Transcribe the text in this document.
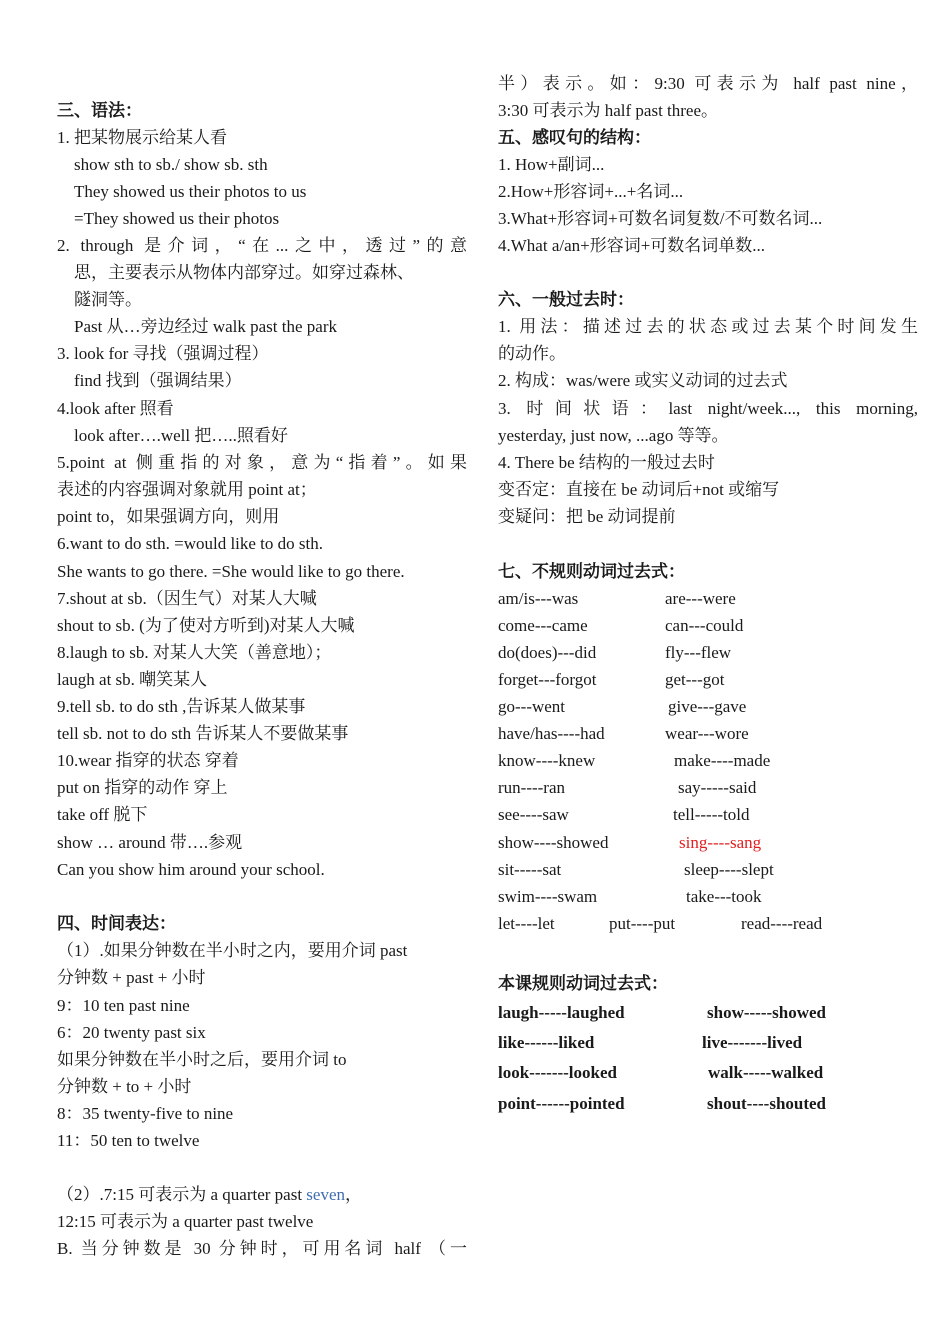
三、语法：
1. 把某物展示给某人看
show sth to sb./ show sb. sth
They showed us their photos to us
=They showed us their photos
2. through 是介词，“在...之中，透过”的意
思，主要表示从物体内部穿过。如穿过森林、
隧洞等。
Past 从…旁边经过 walk past the park
3. look for 寻找（强调过程）
find 找到（强调结果）
4.look after 照看
look after….well 把…..照看好
5.point at 侧重指的对象，意为“指着”。如果
表述的内容强调对象就用 point at；
point to，如果强调方向，则用
6.want to do sth. =would like to do sth.
She wants to go there. =She would like to go there.
7.shout at sb.（因生气）对某人大喊
shout to sb. (为了使对方听到)对某人大喊
8.laugh to sb. 对某人大笑（善意地）；
laugh at sb. 嘲笑某人
9.tell sb. to do sth ,告诉某人做某事
tell sb. not to do sth 告诉某人不要做某事
10.wear 指穿的状态 穿着
put on 指穿的动作 穿上
take off 脱下
show … around 带….参观
Can you show him around your school.
四、时间表达：
（1）.如果分钟数在半小时之内，要用介词 past
分钟数 + past + 小时
9：10 ten past nine
6：20 twenty past six
如果分钟数在半小时之后，要用介词 to
分钟数 + to + 小时
8：35 twenty-five to nine
11：50 ten to twelve
（2）.7:15 可表示为 a quarter past seven，
12:15 可表示为 a quarter past twelve
B. 当分钟数是 30 分钟时，可用名词 half （一
半）表示。如：9:30 可表示为 half past nine，
3:30 可表示为 half past three。
五、感叹句的结构：
1. How+副词...
2.How+形容词+...+名词...
3.What+形容词+可数名词复数/不可数名词...
4.What a/an+形容词+可数名词单数...
六、一般过去时：
1. 用法：描述过去的状态或过去某个时间发生
的动作。
2. 构成：was/were 或实义动词的过去式
3. 时间状语：last night/week..., this morning,
yesterday, just now, ...ago 等等。
4. There be 结构的一般过去时
变否定：直接在 be 动词后+not 或缩写
变疑问：把 be 动词提前
七、不规则动词过去式：
am/is---was	are---were
come---came	can---could
do(does)---did	fly---flew
forget---forgot	get---got
go---went	give---gave
have/has----had	wear---wore
know----knew	make----made
run----ran	say-----said
see----saw	tell-----told
show----showed	sing----sang
sit-----sat	sleep----slept
swim----swam	take---took
let----let	put----put	read----read
本课规则动词过去式：
laugh-----laughed	show-----showed
like------liked	live-------lived
look-------looked	walk-----walked
point------pointed	shout----shouted
